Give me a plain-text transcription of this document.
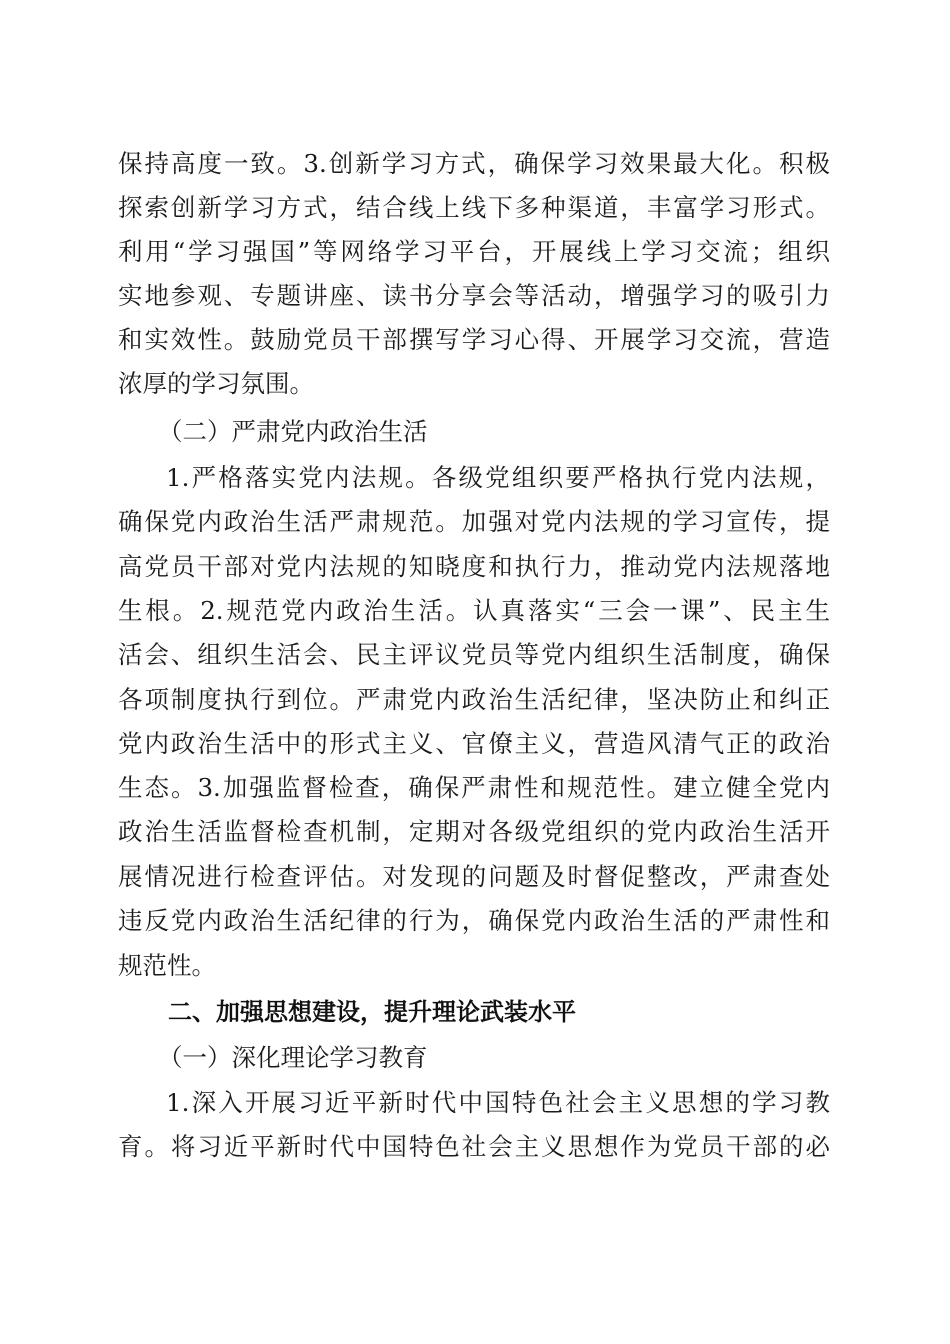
保持高度一致。3.创新学习方式，确保学习效果最大化。积极
探索创新学习方式，结合线上线下多种渠道，丰富学习形式。
利用“学习强国”等网络学习平台，开展线上学习交流；组织
实地参观、专题讲座、读书分享会等活动，增强学习的吸引力
和实效性。鼓励党员干部撰写学习心得、开展学习交流，营造
浓厚的学习氛围。
（二）严肃党内政治生活
1.严格落实党内法规。各级党组织要严格执行党内法规，
确保党内政治生活严肃规范。加强对党内法规的学习宣传，提
高党员干部对党内法规的知晓度和执行力，推动党内法规落地
生根。2.规范党内政治生活。认真落实“三会一课”、民主生
活会、组织生活会、民主评议党员等党内组织生活制度，确保
各项制度执行到位。严肃党内政治生活纪律，坚决防止和纠正
党内政治生活中的形式主义、官僚主义，营造风清气正的政治
生态。3.加强监督检查，确保严肃性和规范性。建立健全党内
政治生活监督检查机制，定期对各级党组织的党内政治生活开
展情况进行检查评估。对发现的问题及时督促整改，严肃查处
违反党内政治生活纪律的行为，确保党内政治生活的严肃性和
规范性。
二、加强思想建设，提升理论武装水平
（一）深化理论学习教育
1.深入开展习近平新时代中国特色社会主义思想的学习教
育。将习近平新时代中国特色社会主义思想作为党员干部的必
